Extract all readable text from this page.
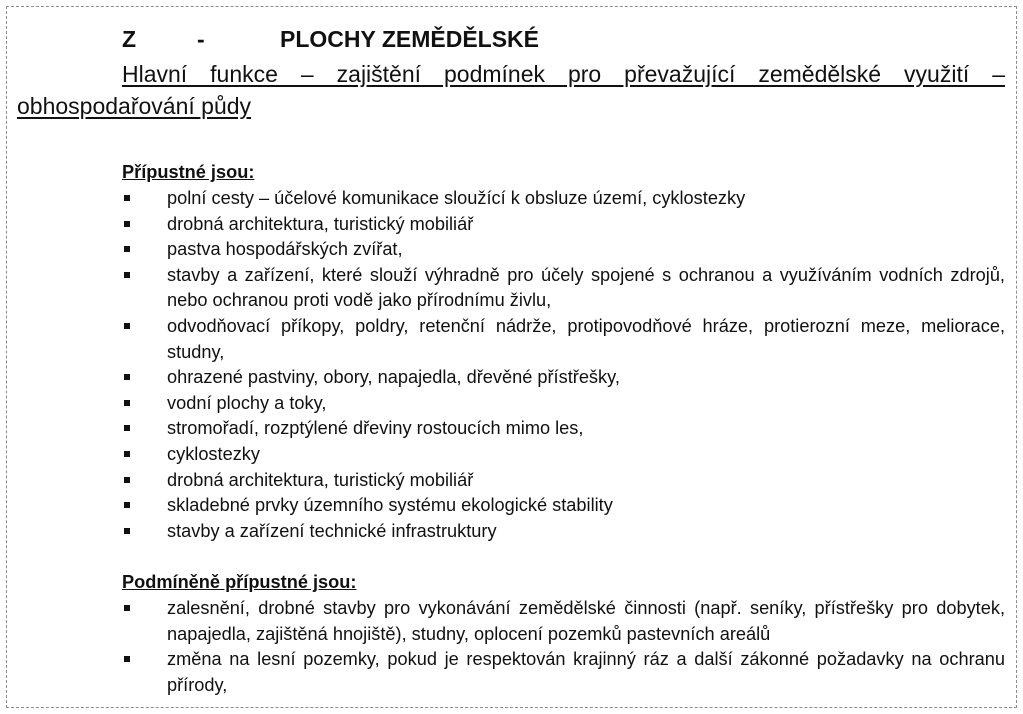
Z	-	PLOCHY ZEMĚDĚLSKÉ
Hlavní funkce – zajištění podmínek pro převažující zemědělské využití – obhospodařování půdy
Přípustné jsou:
polní cesty – účelové komunikace sloužící k obsluze území, cyklostezky
drobná architektura, turistický mobiliář
pastva hospodářských zvířat,
stavby a zařízení, které slouží výhradně pro účely spojené s ochranou a využíváním vodních zdrojů, nebo ochranou proti vodě jako přírodnímu živlu,
odvodňovací příkopy, poldry, retenční nádrže, protipovodňové hráze, protierozní meze, meliorace, studny,
ohrazené pastviny, obory, napajedla, dřevěné přístřešky,
vodní plochy a toky,
stromořadí, rozptýlené dřeviny rostoucích mimo les,
cyklostezky
drobná architektura, turistický mobiliář
skladebné prvky územního systému ekologické stability
stavby a zařízení technické infrastruktury
Podmíněně přípustné jsou:
zalesnění, drobné stavby pro vykonávání zemědělské činnosti (např. seníky, přístřešky pro dobytek, napajedla, zajištěná hnojiště), studny, oplocení pozemků pastevních areálů
změna na lesní pozemky, pokud je respektován krajinný ráz a další zákonné požadavky na ochranu přírody,
